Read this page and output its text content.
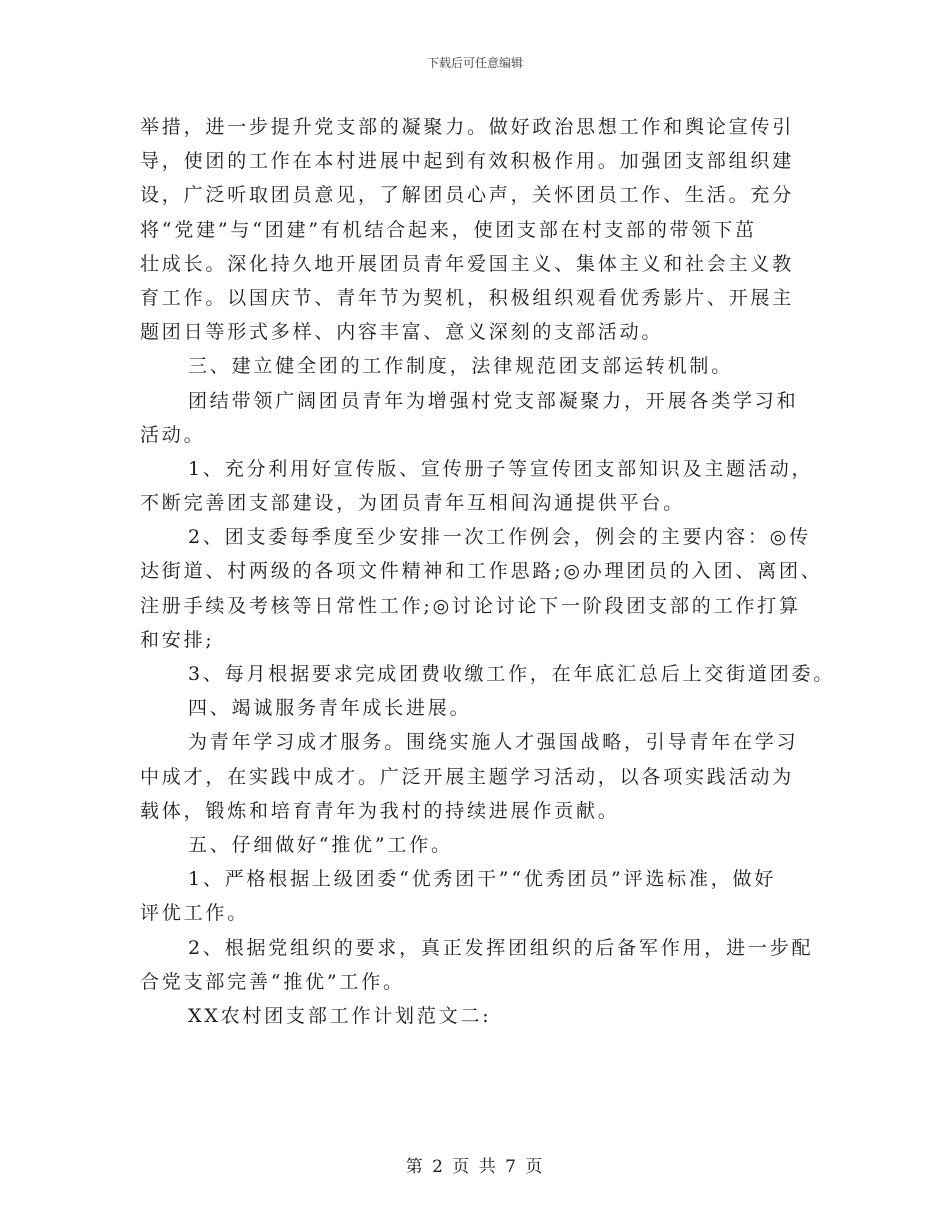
下载后可任意编辑
举措，进一步提升党支部的凝聚力。做好政治思想工作和舆论宣传引
导，使团的工作在本村进展中起到有效积极作用。加强团支部组织建
设，广泛听取团员意见，了解团员心声，关怀团员工作、生活。充分
将“党建”与“团建”有机结合起来，使团支部在村支部的带领下茁
壮成长。深化持久地开展团员青年爱国主义、集体主义和社会主义教
育工作。以国庆节、青年节为契机，积极组织观看优秀影片、开展主
题团日等形式多样、内容丰富、意义深刻的支部活动。
三、建立健全团的工作制度，法律规范团支部运转机制。
团结带领广阔团员青年为增强村党支部凝聚力，开展各类学习和
活动。
1、充分利用好宣传版、宣传册子等宣传团支部知识及主题活动，
不断完善团支部建设，为团员青年互相间沟通提供平台。
2、团支委每季度至少安排一次工作例会，例会的主要内容：◎传
达街道、村两级的各项文件精神和工作思路;◎办理团员的入团、离团、
注册手续及考核等日常性工作;◎讨论讨论下一阶段团支部的工作打算
和安排;
3、每月根据要求完成团费收缴工作，在年底汇总后上交街道团委。
四、竭诚服务青年成长进展。
为青年学习成才服务。围绕实施人才强国战略，引导青年在学习
中成才，在实践中成才。广泛开展主题学习活动，以各项实践活动为
载体，锻炼和培育青年为我村的持续进展作贡献。
五、仔细做好“推优”工作。
1、严格根据上级团委“优秀团干”“优秀团员”评选标准，做好
评优工作。
2、根据党组织的要求，真正发挥团组织的后备军作用，进一步配
合党支部完善“推优”工作。
XX农村团支部工作计划范文二:
第 2 页 共 7 页
